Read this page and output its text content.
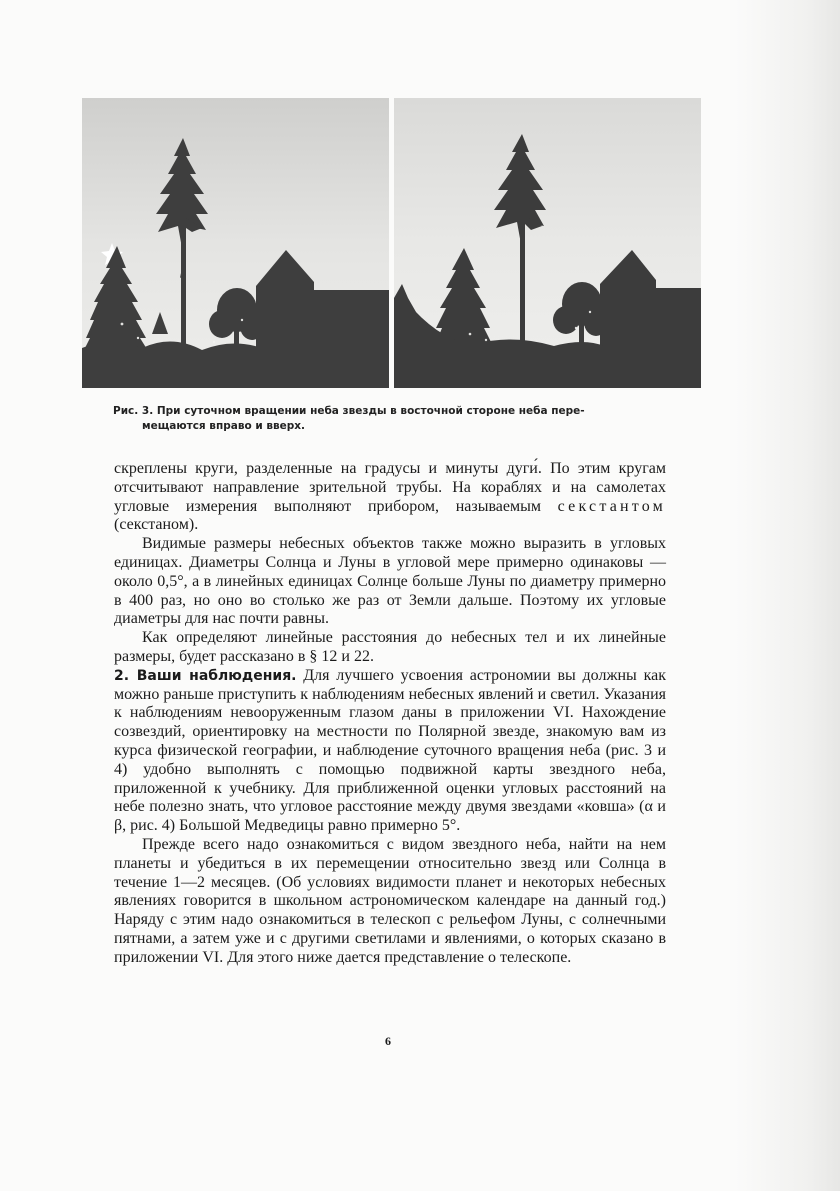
Рис. 3. При суточном вращении неба звезды в восточной стороне неба пере-
мещаются вправо и вверх.

скреплены круги, разделенные на градусы и минуты дуги́. По этим кругам отсчитывают направление зрительной трубы. На кораблях и на самолетах угловые измерения выполняют прибором, называемым секстантом (секстаном).

Видимые размеры небесных объектов также можно выразить в угловых единицах. Диаметры Солнца и Луны в угловой мере примерно одинаковы — около 0,5°, а в линейных единицах Солнце больше Луны по диаметру примерно в 400 раз, но оно во столько же раз от Земли дальше. Поэтому их угловые диаметры для нас почти равны.

Как определяют линейные расстояния до небесных тел и их линейные размеры, будет рассказано в § 12 и 22.

2. Ваши наблюдения. Для лучшего усвоения астрономии вы должны как можно раньше приступить к наблюдениям небесных явлений и светил. Указания к наблюдениям невооруженным глазом даны в приложении VI. Нахождение созвездий, ориентировку на местности по Полярной звезде, знакомую вам из курса физической географии, и наблюдение суточного вращения неба (рис. 3 и 4) удобно выполнять с помощью подвижной карты звездного неба, приложенной к учебнику. Для приближенной оценки угловых расстояний на небе полезно знать, что угловое расстояние между двумя звездами «ковша» (α и β, рис. 4) Большой Медведицы равно примерно 5°.

Прежде всего надо ознакомиться с видом звездного неба, найти на нем планеты и убедиться в их перемещении относительно звезд или Солнца в течение 1—2 месяцев. (Об условиях видимости планет и некоторых небесных явлениях говорится в школьном астрономическом календаре на данный год.) Наряду с этим надо ознакомиться в телескоп с рельефом Луны, с солнечными пятнами, а затем уже и с другими светилами и явлениями, о которых сказано в приложении VI. Для этого ниже дается представление о телескопе.

6
